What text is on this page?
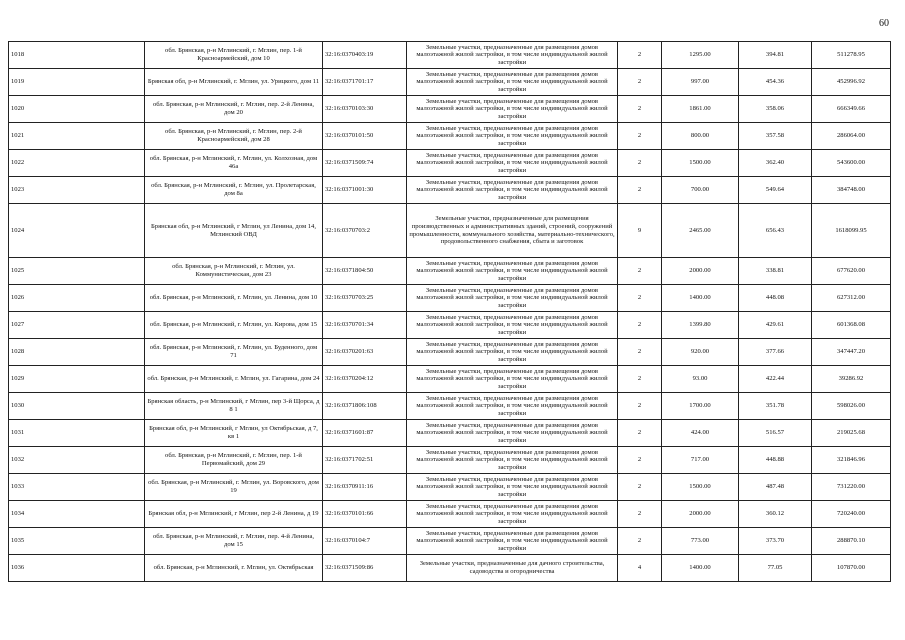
60
1018	обл. Брянская, р-н Мглинский, г. Мглин, пер. 1-й Красноармейский, дом 10	32:16:0370403:19	Земельные участки, предназначенные для размещения домов малоэтажной жилой застройки, в том числе индивидуальной жилой застройки	2	1295.00	394.81	511278.95
1019	Брянская обл, р-н Мглинский, г. Мглин, ул. Урицкого, дом 11	32:16:0371701:17	Земельные участки, предназначенные для размещения домов малоэтажной жилой застройки, в том числе индивидуальной жилой застройки	2	997.00	454.36	452996.92
1020	обл. Брянская, р-н Мглинский, г. Мглин, пер. 2-й Ленина, дом 20	32:16:0370103:30	Земельные участки, предназначенные для размещения домов малоэтажной жилой застройки, в том числе индивидуальной жилой застройки	2	1861.00	358.06	666349.66
1021	обл. Брянская, р-н Мглинский, г. Мглин, пер. 2-й Красноармейский, дом 28	32:16:0370101:50	Земельные участки, предназначенные для размещения домов малоэтажной жилой застройки, в том числе индивидуальной жилой застройки	2	800.00	357.58	286064.00
1022	обл. Брянская, р-н Мглинский, г. Мглин, ул. Колхозная, дом 46а	32:16:0371509:74	Земельные участки, предназначенные для размещения домов малоэтажной жилой застройки, в том числе индивидуальной жилой застройки	2	1500.00	362.40	543600.00
1023	обл. Брянская, р-н Мглинский, г. Мглин, ул. Пролетарская, дом 8а	32:16:0371001:30	Земельные участки, предназначенные для размещения домов малоэтажной жилой застройки, в том числе индивидуальной жилой застройки	2	700.00	549.64	384748.00
1024	Брянская обл, р-н Мглинский, г Мглин, ул Ленина, дом 14, Мглинский ОВД	32:16:0370703:2	Земельные участки, предназначенные для размещения производственных и административных зданий, строений, сооружений промышленности, коммунального хозяйства, материально-технического, продовольственного снабжения, сбыта и заготовок	9	2465.00	656.43	1618099.95
1025	обл. Брянская, р-н Мглинский, г. Мглин, ул. Коммунистическая, дом 23	32:16:0371804:50	Земельные участки, предназначенные для размещения домов малоэтажной жилой застройки, в том числе индивидуальной жилой застройки	2	2000.00	338.81	677620.00
1026	обл. Брянская, р-н Мглинский, г. Мглин, ул. Ленина, дом 10	32:16:0370703:25	Земельные участки, предназначенные для размещения домов малоэтажной жилой застройки, в том числе индивидуальной жилой застройки	2	1400.00	448.08	627312.00
1027	обл. Брянская, р-н Мглинский, г. Мглин, ул. Кирова, дом 15	32:16:0370701:34	Земельные участки, предназначенные для размещения домов малоэтажной жилой застройки, в том числе индивидуальной жилой застройки	2	1399.80	429.61	601368.08
1028	обл. Брянская, р-н Мглинский, г. Мглин, ул. Буденного, дом 71	32:16:0370201:63	Земельные участки, предназначенные для размещения домов малоэтажной жилой застройки, в том числе индивидуальной жилой застройки	2	920.00	377.66	347447.20
1029	обл. Брянская, р-н Мглинский, г. Мглин, ул. Гагарина, дом 24	32:16:0370204:12	Земельные участки, предназначенные для размещения домов малоэтажной жилой застройки, в том числе индивидуальной жилой застройки	2	93.00	422.44	39286.92
1030	Брянская область, р-н Мглинский, г Мглин, пер 3-й Щорса, д 8 1	32:16:0371806:108	Земельные участки, предназначенные для размещения домов малоэтажной жилой застройки, в том числе индивидуальной жилой застройки	2	1700.00	351.78	598026.00
1031	Брянская обл, р-н Мглинский, г Мглин, ул Октябрьская, д 7, кв 1	32:16:0371601:87	Земельные участки, предназначенные для размещения домов малоэтажной жилой застройки, в том числе индивидуальной жилой застройки	2	424.00	516.57	219025.68
1032	обл. Брянская, р-н Мглинский, г. Мглин, пер. 1-й Первомайский, дом 29	32:16:0371702:51	Земельные участки, предназначенные для размещения домов малоэтажной жилой застройки, в том числе индивидуальной жилой застройки	2	717.00	448.88	321846.96
1033	обл. Брянская, р-н Мглинский, г. Мглин, ул. Воровского, дом 19	32:16:0370911:16	Земельные участки, предназначенные для размещения домов малоэтажной жилой застройки, в том числе индивидуальной жилой застройки	2	1500.00	487.48	731220.00
1034	Брянская обл, р-н Мглинский, г Мглин, пер 2-й Ленина, д 19	32:16:0370101:66	Земельные участки, предназначенные для размещения домов малоэтажной жилой застройки, в том числе индивидуальной жилой застройки	2	2000.00	360.12	720240.00
1035	обл. Брянская, р-н Мглинский, г. Мглин, пер. 4-й Ленина, дом 15	32:16:0370104:7	Земельные участки, предназначенные для размещения домов малоэтажной жилой застройки, в том числе индивидуальной жилой застройки	2	773.00	373.70	288870.10
1036	обл. Брянская, р-н Мглинский, г. Мглин, ул. Октябрьская	32:16:0371509:86	Земельные участки, предназначенные для дачного строительства, садоводства и огородничества	4	1400.00	77.05	107870.00
